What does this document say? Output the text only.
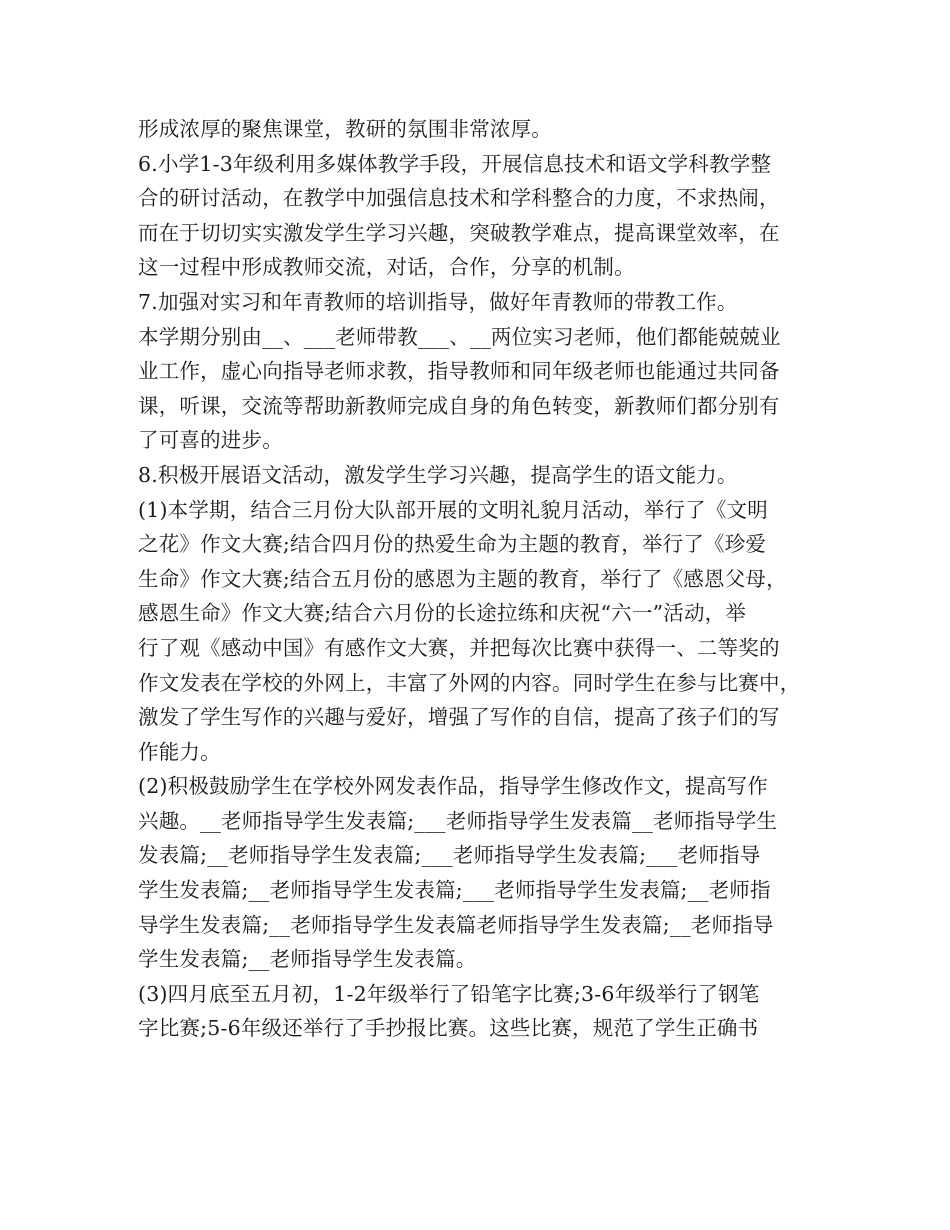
形成浓厚的聚焦课堂，教研的氛围非常浓厚。
6.小学1-3年级利用多媒体教学手段，开展信息技术和语文学科教学整
合的研讨活动，在教学中加强信息技术和学科整合的力度，不求热闹，
而在于切切实实激发学生学习兴趣，突破教学难点，提高课堂效率，在
这一过程中形成教师交流，对话，合作，分享的机制。
7.加强对实习和年青教师的培训指导，做好年青教师的带教工作。
本学期分别由__、___老师带教___、__两位实习老师，他们都能兢兢业
业工作，虚心向指导老师求教，指导教师和同年级老师也能通过共同备
课，听课，交流等帮助新教师完成自身的角色转变，新教师们都分别有
了可喜的进步。
8.积极开展语文活动，激发学生学习兴趣，提高学生的语文能力。
(1)本学期，结合三月份大队部开展的文明礼貌月活动，举行了《文明
之花》作文大赛;结合四月份的热爱生命为主题的教育，举行了《珍爱
生命》作文大赛;结合五月份的感恩为主题的教育，举行了《感恩父母，
感恩生命》作文大赛;结合六月份的长途拉练和庆祝“六一”活动，举
行了观《感动中国》有感作文大赛，并把每次比赛中获得一、二等奖的
作文发表在学校的外网上，丰富了外网的内容。同时学生在参与比赛中，
激发了学生写作的兴趣与爱好，增强了写作的自信，提高了孩子们的写
作能力。
(2)积极鼓励学生在学校外网发表作品，指导学生修改作文，提高写作
兴趣。__老师指导学生发表篇;___老师指导学生发表篇__老师指导学生
发表篇;__老师指导学生发表篇;___老师指导学生发表篇;___老师指导
学生发表篇;__老师指导学生发表篇;___老师指导学生发表篇;__老师指
导学生发表篇;__老师指导学生发表篇老师指导学生发表篇;__老师指导
学生发表篇;__老师指导学生发表篇。
(3)四月底至五月初，1-2年级举行了铅笔字比赛;3-6年级举行了钢笔
字比赛;5-6年级还举行了手抄报比赛。这些比赛，规范了学生正确书
